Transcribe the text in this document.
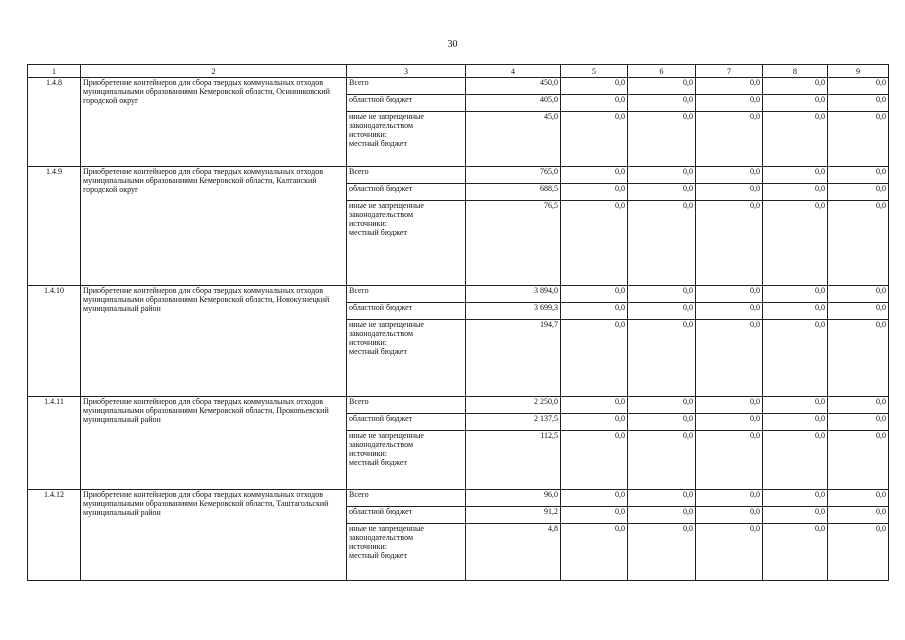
30
1	2	3	4	5	6	7	8	9
1.4.8	Приобретение контейнеров для сбора твердых коммунальных отходов муниципальными образованиями Кемеровской области, Осинниковский городской округ	Всего	450,0	0,0	0,0	0,0	0,0	0,0
		областной бюджет	405,0	0,0	0,0	0,0	0,0	0,0

		иные не запрещенные
законодательством
источники:
местный бюджет	45,0	0,0	0,0	0,0	0,0	0,0
1.4.9	Приобретение контейнеров для сбора твердых коммунальных отходов муниципальными образованиями Кемеровской области, Калтанский городской округ	Всего	765,0	0,0	0,0	0,0	0,0	0,0
		областной бюджет	688,5	0,0	0,0	0,0	0,0	0,0

		иные не запрещенные
законодательством
источники:
местный бюджет	76,5	0,0	0,0	0,0	0,0	0,0
1.4.10	Приобретение контейнеров для сбора твердых коммунальных отходов муниципальными образованиями Кемеровской области, Новокузнецкий муниципальный район	Всего	3 894,0	0,0	0,0	0,0	0,0	0,0
		областной бюджет	3 699,3	0,0	0,0	0,0	0,0	0,0

		иные не запрещенные
законодательством
источники:
местный бюджет	194,7	0,0	0,0	0,0	0,0	0,0
1.4.11	Приобретение контейнеров для сбора твердых коммунальных отходов муниципальными образованиями Кемеровской области, Прокопьевский муниципальный район	Всего	2 250,0	0,0	0,0	0,0	0,0	0,0
		областной бюджет	2 137,5	0,0	0,0	0,0	0,0	0,0

		иные не запрещенные
законодательством
источники:
местный бюджет	112,5	0,0	0,0	0,0	0,0	0,0
1.4.12	Приобретение контейнеров для сбора твердых коммунальных отходов муниципальными образованиями Кемеровской области, Таштагольский муниципальный район	Всего	96,0	0,0	0,0	0,0	0,0	0,0
		областной бюджет	91,2	0,0	0,0	0,0	0,0	0,0

		иные не запрещенные
законодательством
источники:
местный бюджет	4,8	0,0	0,0	0,0	0,0	0,0
